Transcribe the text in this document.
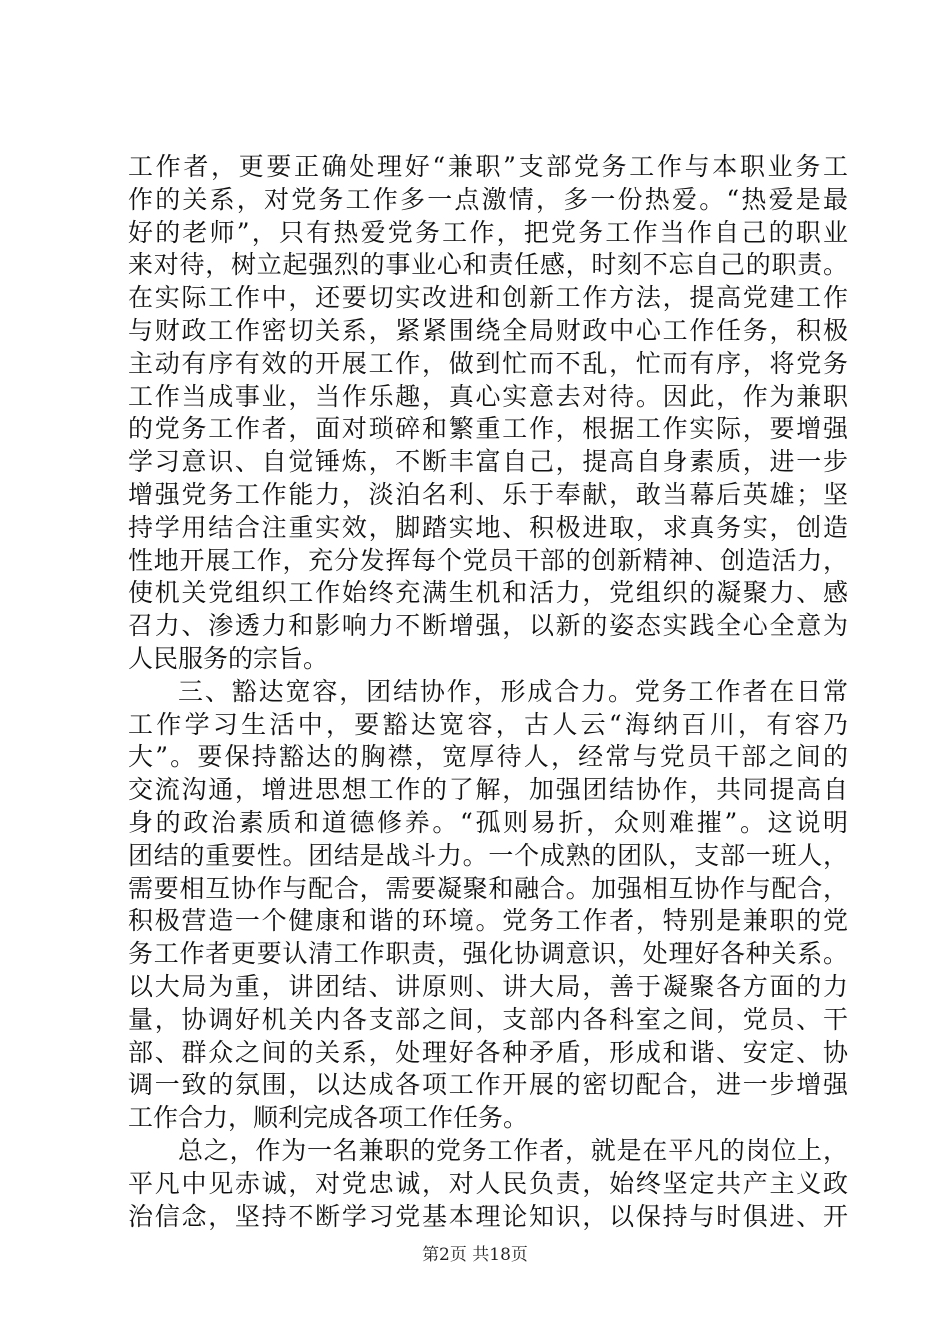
工作者，更要正确处理好“兼职”支部党务工作与本职业务工
作的关系，对党务工作多一点激情，多一份热爱。“热爱是最
好的老师”，只有热爱党务工作，把党务工作当作自己的职业
来对待，树立起强烈的事业心和责任感，时刻不忘自己的职责。
在实际工作中，还要切实改进和创新工作方法，提高党建工作
与财政工作密切关系，紧紧围绕全局财政中心工作任务，积极
主动有序有效的开展工作，做到忙而不乱，忙而有序，将党务
工作当成事业，当作乐趣，真心实意去对待。因此，作为兼职
的党务工作者，面对琐碎和繁重工作，根据工作实际，要增强
学习意识、自觉锤炼，不断丰富自己，提高自身素质，进一步
增强党务工作能力，淡泊名利、乐于奉献，敢当幕后英雄；坚
持学用结合注重实效，脚踏实地、积极进取，求真务实，创造
性地开展工作，充分发挥每个党员干部的创新精神、创造活力，
使机关党组织工作始终充满生机和活力，党组织的凝聚力、感
召力、渗透力和影响力不断增强，以新的姿态实践全心全意为
人民服务的宗旨。
三、豁达宽容，团结协作，形成合力。党务工作者在日常
工作学习生活中，要豁达宽容，古人云“海纳百川，有容乃
大”。要保持豁达的胸襟，宽厚待人，经常与党员干部之间的
交流沟通，增进思想工作的了解，加强团结协作，共同提高自
身的政治素质和道德修养。“孤则易折，众则难摧”。这说明
团结的重要性。团结是战斗力。一个成熟的团队，支部一班人，
需要相互协作与配合，需要凝聚和融合。加强相互协作与配合，
积极营造一个健康和谐的环境。党务工作者，特别是兼职的党
务工作者更要认清工作职责，强化协调意识，处理好各种关系。
以大局为重，讲团结、讲原则、讲大局，善于凝聚各方面的力
量，协调好机关内各支部之间，支部内各科室之间，党员、干
部、群众之间的关系，处理好各种矛盾，形成和谐、安定、协
调一致的氛围，以达成各项工作开展的密切配合，进一步增强
工作合力，顺利完成各项工作任务。
总之，作为一名兼职的党务工作者，就是在平凡的岗位上，
平凡中见赤诚，对党忠诚，对人民负责，始终坚定共产主义政
治信念，坚持不断学习党基本理论知识，以保持与时俱进、开
第2页 共18页
